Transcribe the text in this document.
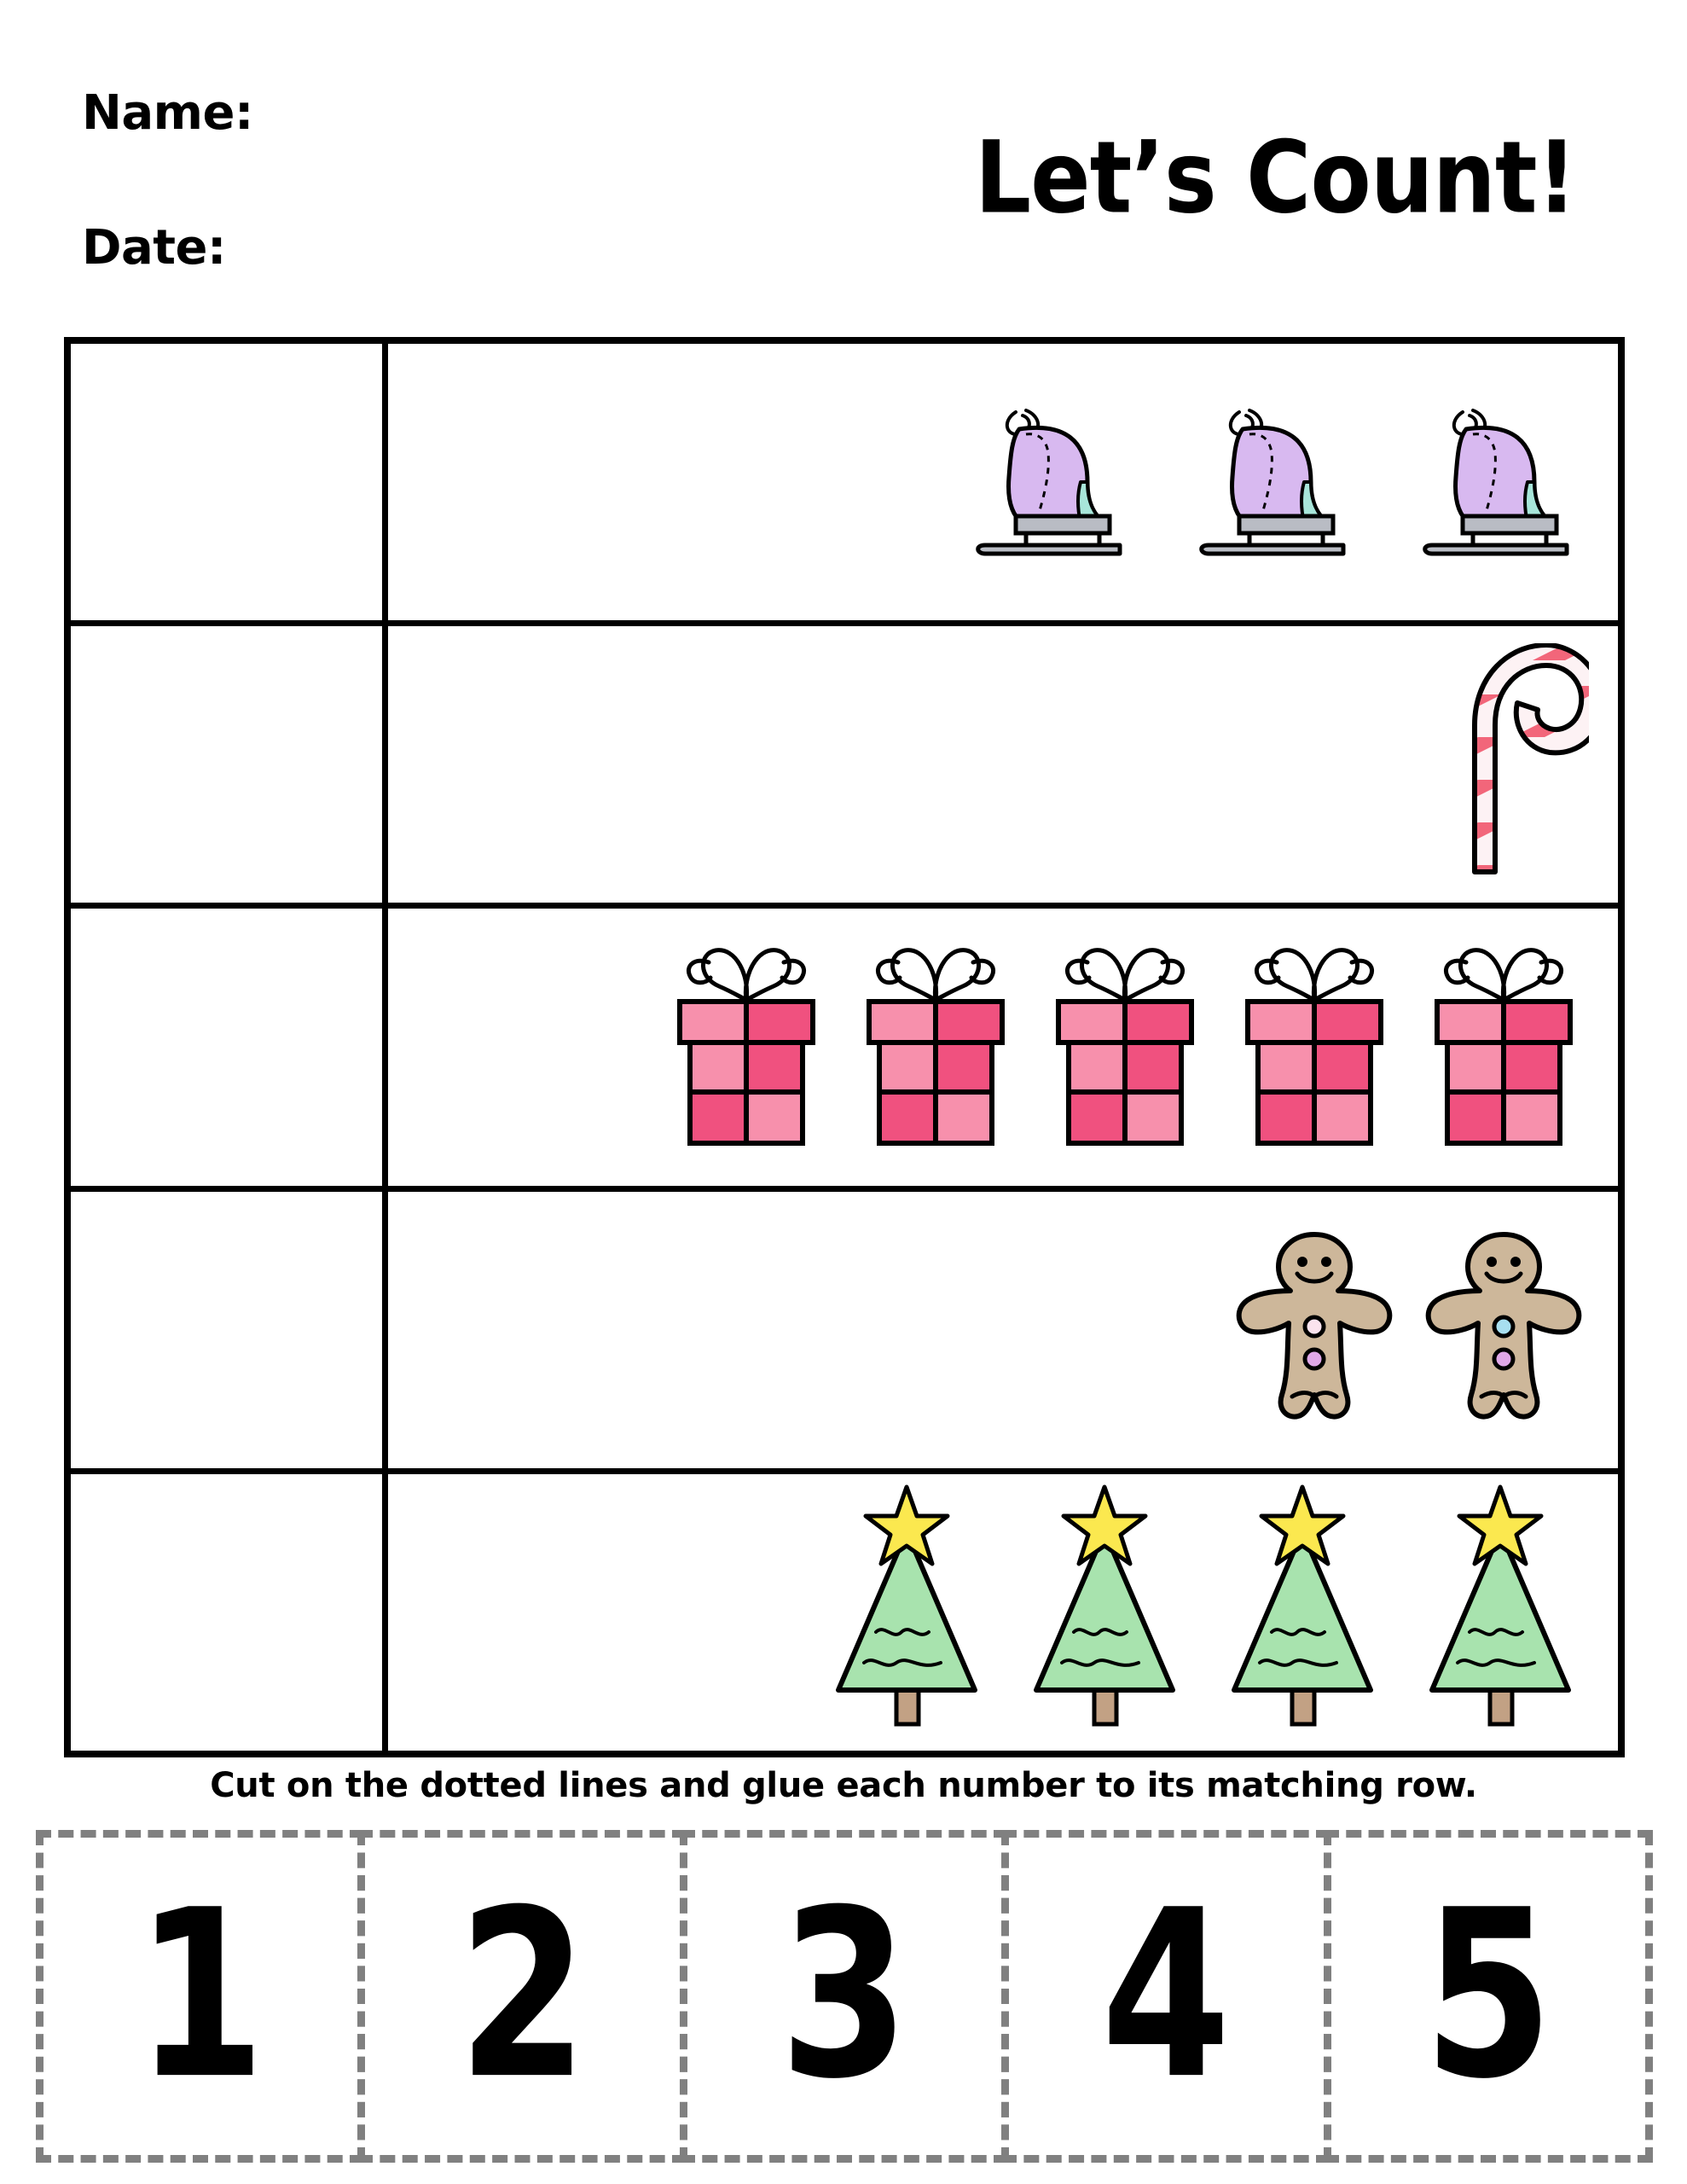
Name:
Date:
Let’s Count!
Cut on the dotted lines and glue each number to its matching row.
1 2 3 4 5
